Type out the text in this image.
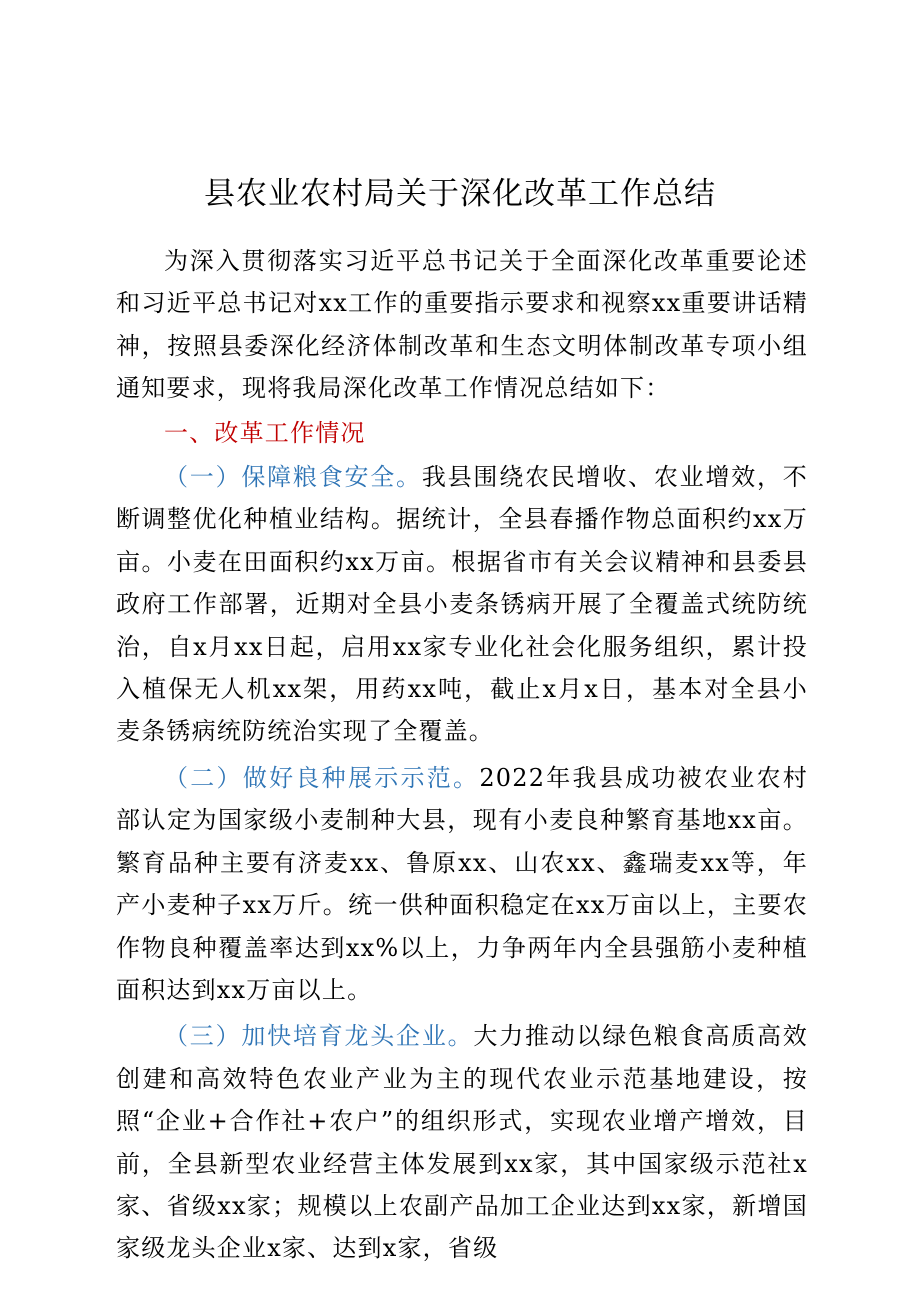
县农业农村局关于深化改革工作总结

为深入贯彻落实习近平总书记关于全面深化改革重要论述和习近平总书记对xx工作的重要指示要求和视察xx重要讲话精神，按照县委深化经济体制改革和生态文明体制改革专项小组通知要求，现将我局深化改革工作情况总结如下：

一、改革工作情况

（一）保障粮食安全。我县围绕农民增收、农业增效，不断调整优化种植业结构。据统计，全县春播作物总面积约xx万亩。小麦在田面积约xx万亩。根据省市有关会议精神和县委县政府工作部署，近期对全县小麦条锈病开展了全覆盖式统防统治，自x月xx日起，启用xx家专业化社会化服务组织，累计投入植保无人机xx架，用药xx吨，截止x月x日，基本对全县小麦条锈病统防统治实现了全覆盖。

（二）做好良种展示示范。2022年我县成功被农业农村部认定为国家级小麦制种大县，现有小麦良种繁育基地xx亩。繁育品种主要有济麦xx、鲁原xx、山农xx、鑫瑞麦xx等，年产小麦种子xx万斤。统一供种面积稳定在xx万亩以上，主要农作物良种覆盖率达到xx%以上，力争两年内全县强筋小麦种植面积达到xx万亩以上。

（三）加快培育龙头企业。大力推动以绿色粮食高质高效创建和高效特色农业产业为主的现代农业示范基地建设，按照“企业+合作社+农户”的组织形式，实现农业增产增效，目前，全县新型农业经营主体发展到xx家，其中国家级示范社x家、省级xx家；规模以上农副产品加工企业达到xx家，新增国家级龙头企业x家、达到x家，省级
